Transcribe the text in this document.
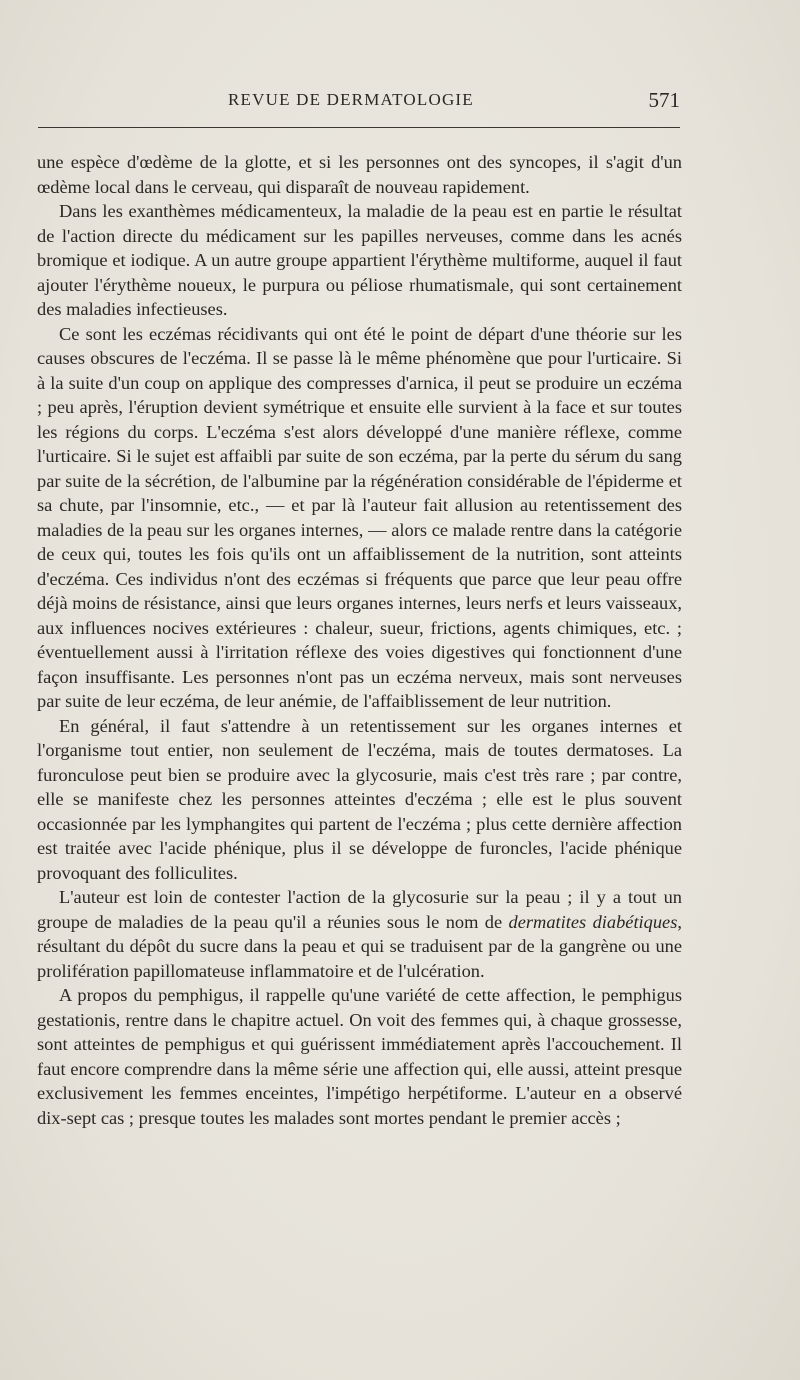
REVUE DE DERMATOLOGIE	571

une espèce d'œdème de la glotte, et si les personnes ont des syncopes, il s'agit d'un œdème local dans le cerveau, qui disparaît de nouveau rapidement.

Dans les exanthèmes médicamenteux, la maladie de la peau est en partie le résultat de l'action directe du médicament sur les papilles nerveuses, comme dans les acnés bromique et iodique. A un autre groupe appartient l'érythème multiforme, auquel il faut ajouter l'érythème noueux, le purpura ou péliose rhumatismale, qui sont certainement des maladies infectieuses.

Ce sont les eczémas récidivants qui ont été le point de départ d'une théorie sur les causes obscures de l'eczéma. Il se passe là le même phénomène que pour l'urticaire. Si à la suite d'un coup on applique des compresses d'arnica, il peut se produire un eczéma ; peu après, l'éruption devient symétrique et ensuite elle survient à la face et sur toutes les régions du corps. L'eczéma s'est alors développé d'une manière réflexe, comme l'urticaire. Si le sujet est affaibli par suite de son eczéma, par la perte du sérum du sang par suite de la sécrétion, de l'albumine par la régénération considérable de l'épiderme et sa chute, par l'insomnie, etc., — et par là l'auteur fait allusion au retentissement des maladies de la peau sur les organes internes, — alors ce malade rentre dans la catégorie de ceux qui, toutes les fois qu'ils ont un affaiblissement de la nutrition, sont atteints d'eczéma. Ces individus n'ont des eczémas si fréquents que parce que leur peau offre déjà moins de résistance, ainsi que leurs organes internes, leurs nerfs et leurs vaisseaux, aux influences nocives extérieures : chaleur, sueur, frictions, agents chimiques, etc. ; éventuellement aussi à l'irritation réflexe des voies digestives qui fonctionnent d'une façon insuffisante. Les personnes n'ont pas un eczéma nerveux, mais sont nerveuses par suite de leur eczéma, de leur anémie, de l'affaiblissement de leur nutrition.

En général, il faut s'attendre à un retentissement sur les organes internes et l'organisme tout entier, non seulement de l'eczéma, mais de toutes dermatoses. La furonculose peut bien se produire avec la glycosurie, mais c'est très rare ; par contre, elle se manifeste chez les personnes atteintes d'eczéma ; elle est le plus souvent occasionnée par les lymphangites qui partent de l'eczéma ; plus cette dernière affection est traitée avec l'acide phénique, plus il se développe de furoncles, l'acide phénique provoquant des folliculites.

L'auteur est loin de contester l'action de la glycosurie sur la peau ; il y a tout un groupe de maladies de la peau qu'il a réunies sous le nom de dermatites diabétiques, résultant du dépôt du sucre dans la peau et qui se traduisent par de la gangrène ou une prolifération papillomateuse inflammatoire et de l'ulcération.

A propos du pemphigus, il rappelle qu'une variété de cette affection, le pemphigus gestationis, rentre dans le chapitre actuel. On voit des femmes qui, à chaque grossesse, sont atteintes de pemphigus et qui guérissent immédiatement après l'accouchement. Il faut encore comprendre dans la même série une affection qui, elle aussi, atteint presque exclusivement les femmes enceintes, l'impétigo herpétiforme. L'auteur en a observé dix-sept cas ; presque toutes les malades sont mortes pendant le premier accès ;
